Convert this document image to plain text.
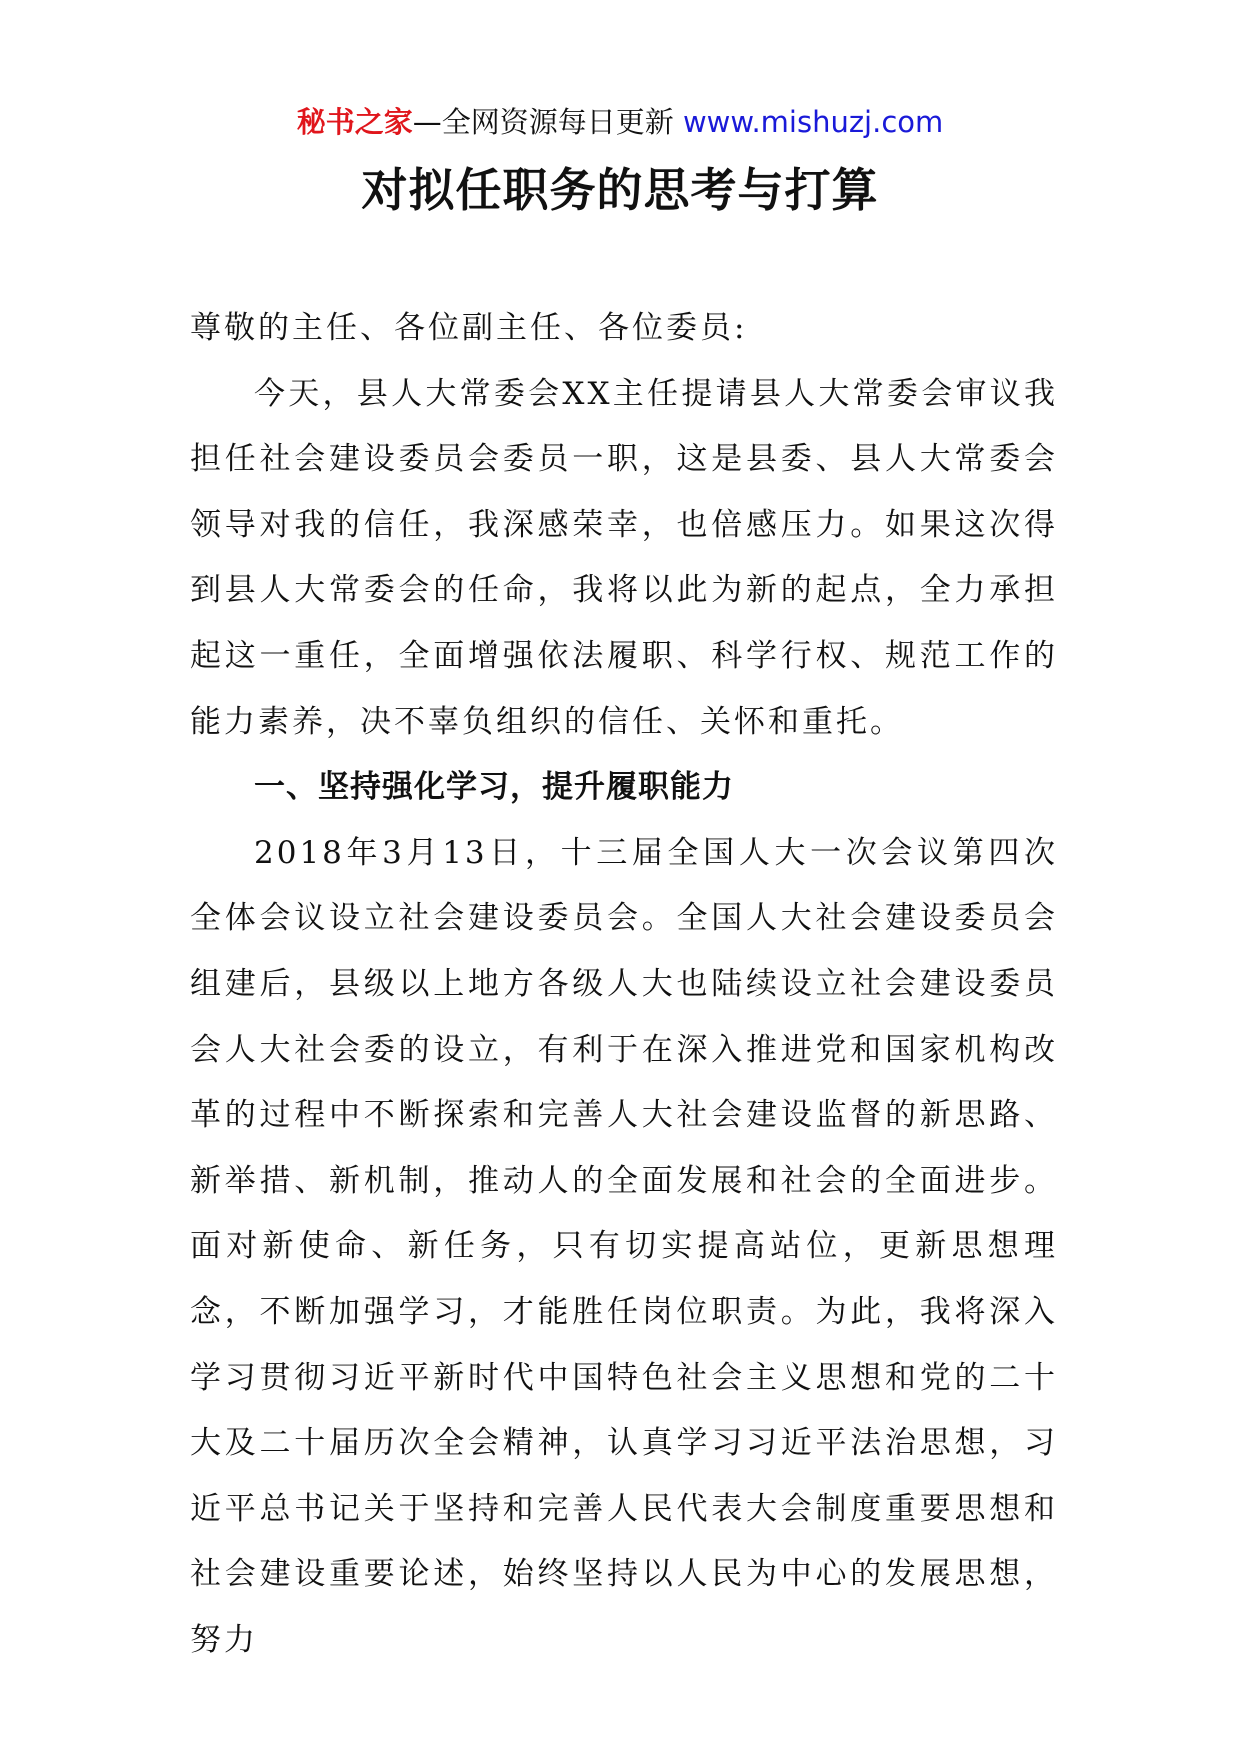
秘书之家—全网资源每日更新 www.mishuzj.com
对拟任职务的思考与打算

尊敬的主任、各位副主任、各位委员:

今天，县人大常委会XX主任提请县人大常委会审议我担任社会建设委员会委员一职，这是县委、县人大常委会领导对我的信任，我深感荣幸，也倍感压力。如果这次得到县人大常委会的任命，我将以此为新的起点，全力承担起这一重任，全面增强依法履职、科学行权、规范工作的能力素养，决不辜负组织的信任、关怀和重托。

一、坚持强化学习，提升履职能力

2018年3月13日，十三届全国人大一次会议第四次全体会议设立社会建设委员会。全国人大社会建设委员会组建后，县级以上地方各级人大也陆续设立社会建设委员会人大社会委的设立，有利于在深入推进党和国家机构改革的过程中不断探索和完善人大社会建设监督的新思路、新举措、新机制，推动人的全面发展和社会的全面进步。面对新使命、新任务，只有切实提高站位，更新思想理念，不断加强学习，才能胜任岗位职责。为此，我将深入学习贯彻习近平新时代中国特色社会主义思想和党的二十大及二十届历次全会精神，认真学习习近平法治思想，习近平总书记关于坚持和完善人民代表大会制度重要思想和社会建设重要论述，始终坚持以人民为中心的发展思想，努力
